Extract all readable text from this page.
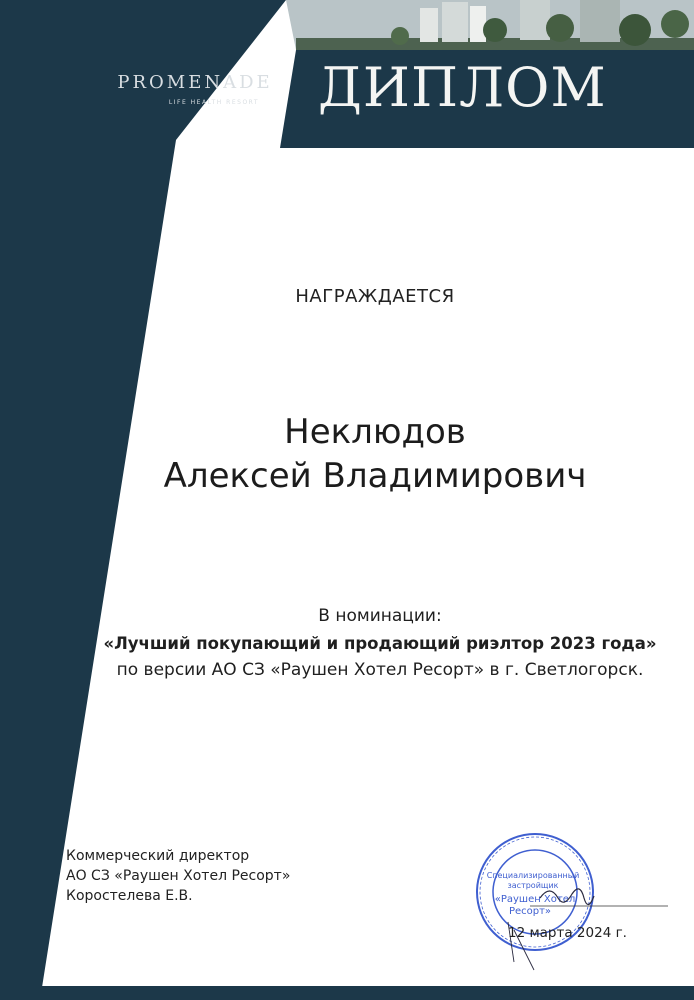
PROMENADE
LIFE HEALTH RESORT	ДИПЛОМ
НАГРАЖДАЕТСЯ
Неклюдов
Алексей Владимирович
В номинации:
«Лучший покупающий и продающий риэлтор 2023 года»
по версии АО СЗ «Раушен Хотел Ресорт» в г. Светлогорск.
Коммерческий директор
АО СЗ «Раушен Хотел Ресорт»
Коростелева Е.В.
Специализированный
застройщик
«Раушен Хотел
Ресорт»
12 марта 2024 г.
